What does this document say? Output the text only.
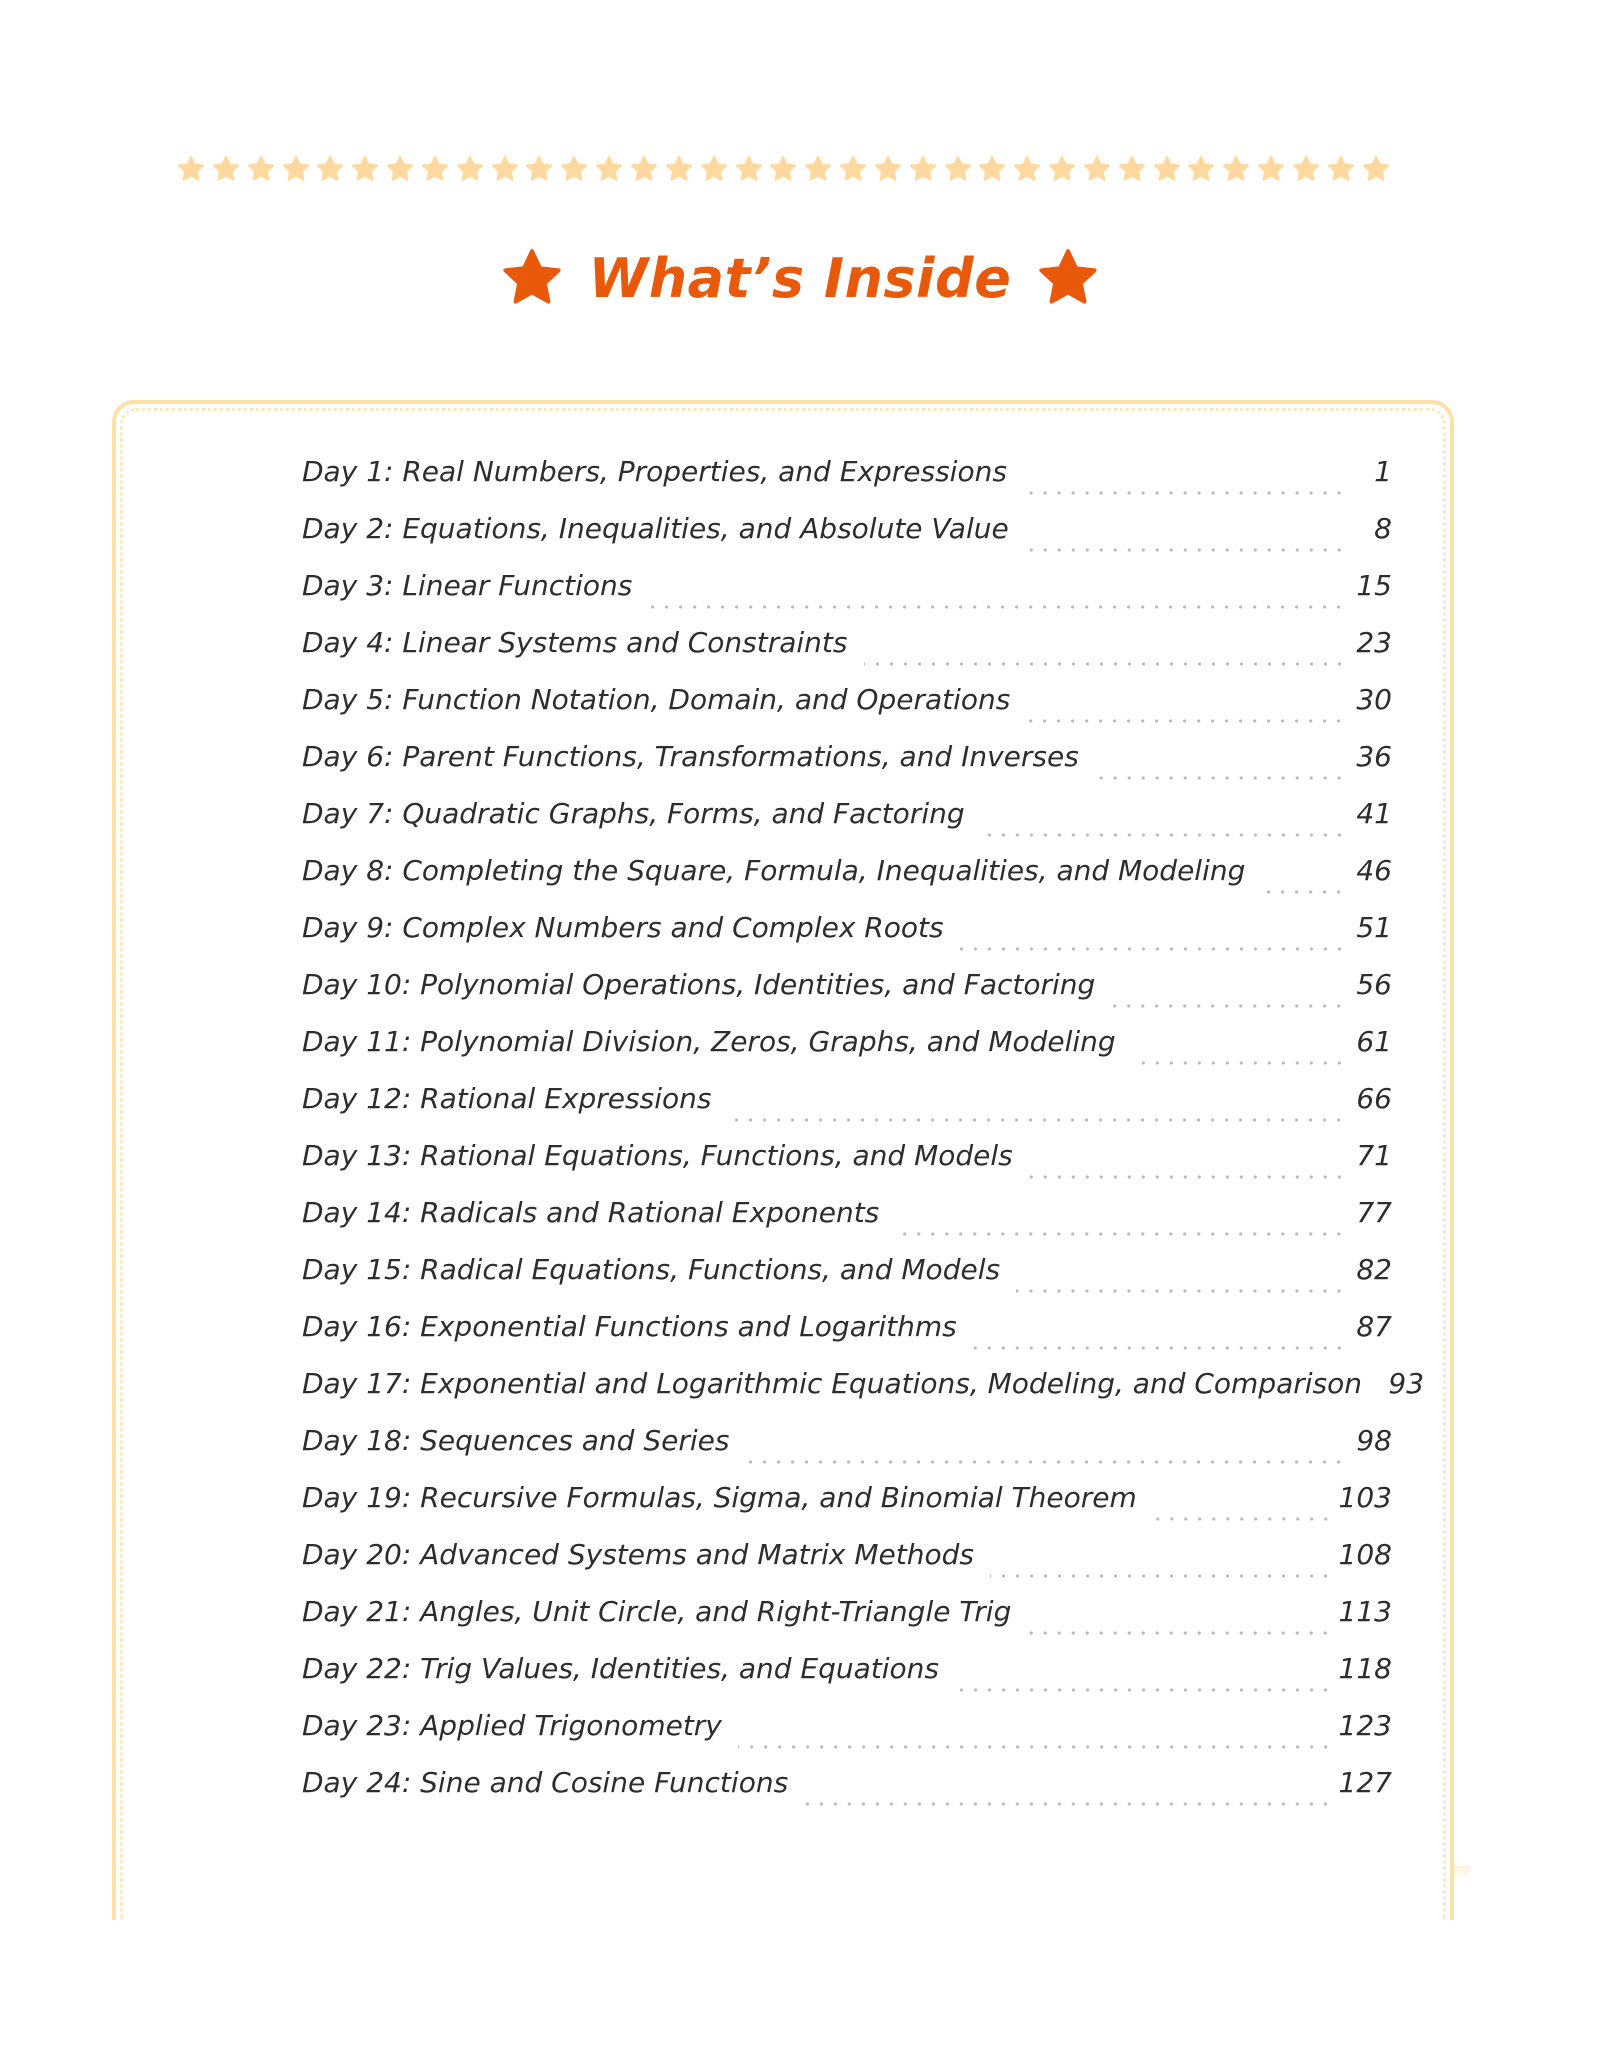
What’s Inside
Day 1: Real Numbers, Properties, and Expressions	1
Day 2: Equations, Inequalities, and Absolute Value	8
Day 3: Linear Functions	15
Day 4: Linear Systems and Constraints	23
Day 5: Function Notation, Domain, and Operations	30
Day 6: Parent Functions, Transformations, and Inverses	36
Day 7: Quadratic Graphs, Forms, and Factoring	41
Day 8: Completing the Square, Formula, Inequalities, and Modeling	46
Day 9: Complex Numbers and Complex Roots	51
Day 10: Polynomial Operations, Identities, and Factoring	56
Day 11: Polynomial Division, Zeros, Graphs, and Modeling	61
Day 12: Rational Expressions	66
Day 13: Rational Equations, Functions, and Models	71
Day 14: Radicals and Rational Exponents	77
Day 15: Radical Equations, Functions, and Models	82
Day 16: Exponential Functions and Logarithms	87
Day 17: Exponential and Logarithmic Equations, Modeling, and Comparison 93
Day 18: Sequences and Series	98
Day 19: Recursive Formulas, Sigma, and Binomial Theorem	103
Day 20: Advanced Systems and Matrix Methods	108
Day 21: Angles, Unit Circle, and Right-Triangle Trig	113
Day 22: Trig Values, Identities, and Equations	118
Day 23: Applied Trigonometry	123
Day 24: Sine and Cosine Functions	127
